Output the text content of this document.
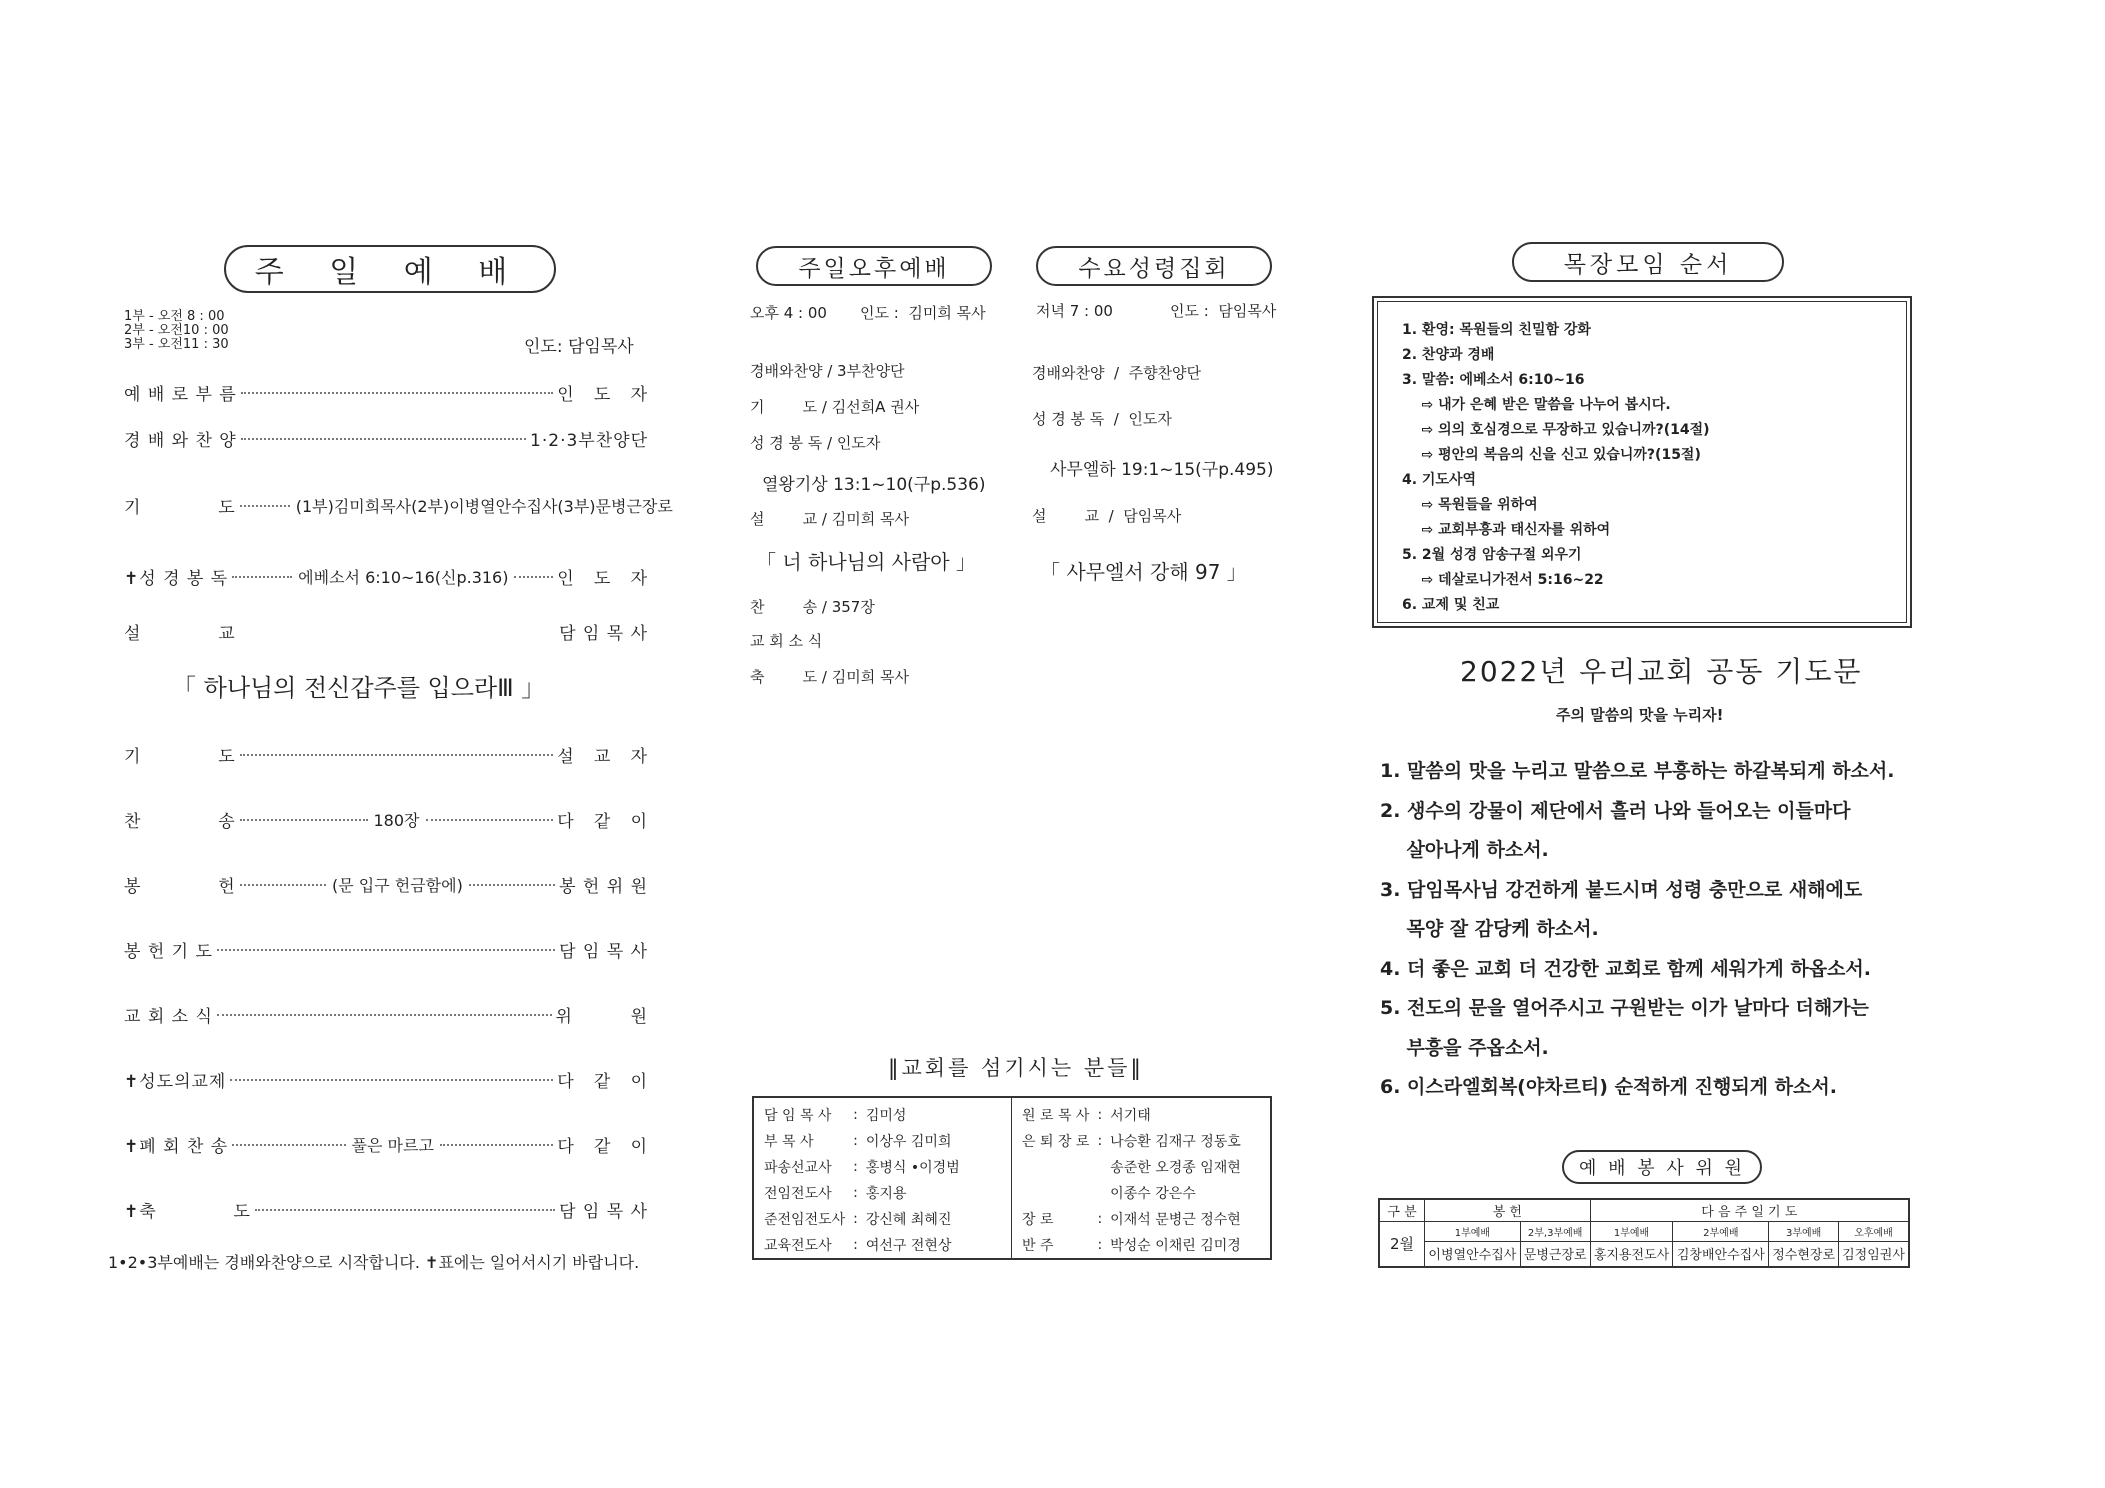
주 일 예 배
1부 - 오전 8 : 00
2부 - 오전10 : 00
3부 - 오전11 : 30	인도: 담임목사
예 배 로 부 름	인   도   자
경 배 와 찬 양	1·2·3부찬양단
기            도	(1부)김미희목사(2부)이병열안수집사(3부)문병근장로
✝성 경 봉 독	에베소서 6:10~16(신p.316)	인   도   자
설            교	담 임 목 사
「 하나님의 전신갑주를 입으라Ⅲ 」
기            도	설   교   자
찬            송	180장	다   같   이
봉            헌	(문 입구 헌금함에)	봉 헌 위 원
봉 헌 기 도	담 임 목 사
교 회 소 식	위         원
✝성도의교제	다   같   이
✝폐 회 찬 송	풀은 마르고	다   같   이
✝축            도	담 임 목 사
1•2•3부예배는 경배와찬양으로 시작합니다. ✝표에는 일어서시기 바랍니다.
주일오후예배	수요성령집회
오후 4 : 00 인도 :  김미희 목사
경배와찬양 / 3부찬양단
기        도 / 김선희A 권사
성 경 봉 독 / 인도자
열왕기상 13:1~10(구p.536)
설        교 / 김미희 목사
「 너 하나님의 사람아 」
찬        송 / 357장
교 회 소 식
축        도 / 김미희 목사
저녁 7 : 00	인도 :  담임목사
경배와찬양  /  주향찬양단
성 경 봉 독  /  인도자
사무엘하 19:1~15(구p.495)
설        교  /  담임목사
「 사무엘서 강해 97 」
‖교회를 섬기시는 분들‖
담 임 목 사	:	김미성
부 목 사	:	이상우 김미희
파송선교사	:	홍병식 •이경범
전임전도사	:	홍지용
준전임전도사	:	강신혜 최혜진
교육전도사	:	여선구 전현상
원 로 목 사	:	서기태
은 퇴 장 로	:	나승환 김재구 정동호
		송준한 오경종 임재현
		이종수 강은수
장 로	:	이재석 문병근 정수현
반 주	:	박성순 이채린 김미경
목장모임 순서
1. 환영: 목원들의 친밀함 강화
2. 찬양과 경배
3. 말씀: 에베소서 6:10~16
⇨ 내가 은혜 받은 말씀을 나누어 봅시다.
⇨ 의의 호심경으로 무장하고 있습니까?(14절)
⇨ 평안의 복음의 신을 신고 있습니까?(15절)
4. 기도사역
⇨ 목원들을 위하여
⇨ 교회부흥과 태신자를 위하여
5. 2월 성경 암송구절 외우기
⇨ 데살로니가전서 5:16~22
6. 교제 및 친교
2022년 우리교회 공동 기도문
주의 말씀의 맛을 누리자!
1. 말씀의 맛을 누리고 말씀으로 부흥하는 하갈복되게 하소서.
2. 생수의 강물이 제단에서 흘러 나와 들어오는 이들마다
살아나게 하소서.
3. 담임목사님 강건하게 붙드시며 성령 충만으로 새해에도
목양 잘 감당케 하소서.
4. 더 좋은 교회 더 건강한 교회로 함께 세워가게 하옵소서.
5. 전도의 문을 열어주시고 구원받는 이가 날마다 더해가는
부흥을 주옵소서.
6. 이스라엘회복(야차르티) 순적하게 진행되게 하소서.
예 배 봉 사 위 원
구 분	봉 헌		다 음 주 일 기 도			
2월	1부예배	2부,3부예배	1부예배	2부예배	3부예배	오후예배
	이병열안수집사	문병근장로	홍지용전도사	김창배안수집사	정수현장로	김정임권사
